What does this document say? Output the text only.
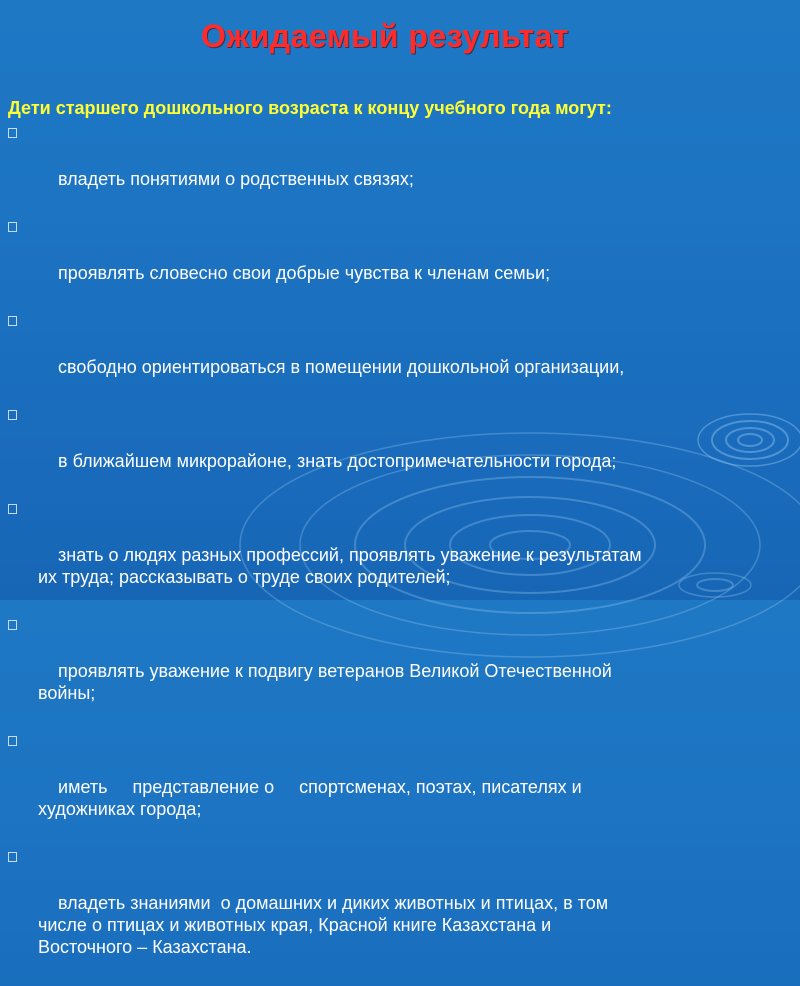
Ожидаемый результат
Дети старшего дошкольного возраста к концу учебного года могут:

владеть понятиями о родственных связях;

проявлять словесно свои добрые чувства к членам семьи;

свободно ориентироваться в помещении дошкольной организации,

в ближайшем микрорайоне, знать достопримечательности города;

знать о людях разных профессий, проявлять уважение к результатам
их труда; рассказывать о труде своих родителей;

проявлять уважение к подвигу ветеранов Великой Отечественной
войны;

иметь     представление о     спортсменах, поэтах, писателях и
художниках города;

владеть знаниями  о домашних и диких животных и птицах, в том
числе о птицах и животных края, Красной книге Казахстана и
Восточного – Казахстана.
